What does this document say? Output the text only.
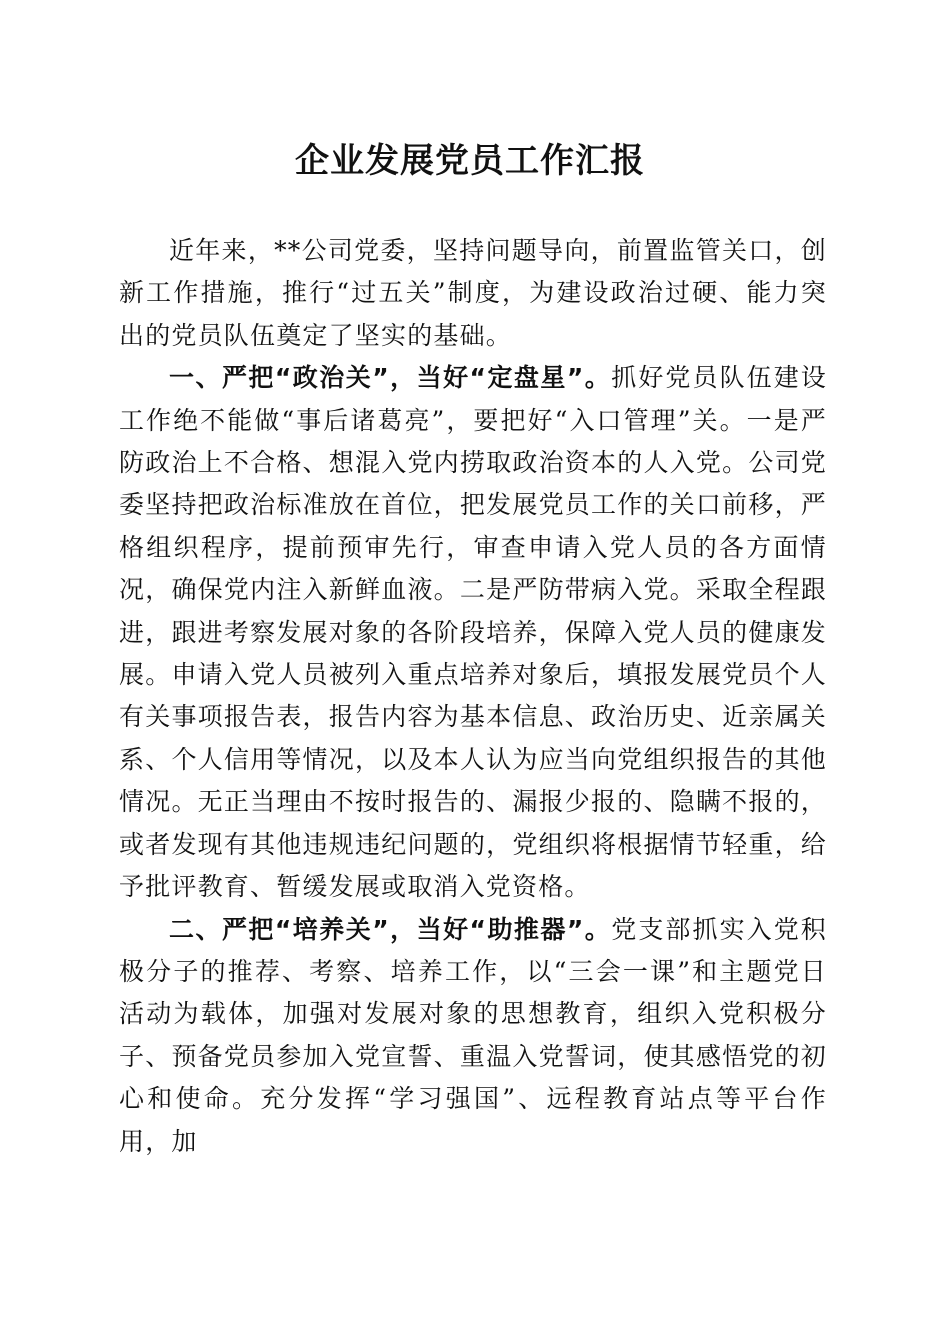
企业发展党员工作汇报

近年来，**公司党委，坚持问题导向，前置监管关口，创新工作措施，推行“过五关”制度，为建设政治过硬、能力突出的党员队伍奠定了坚实的基础。

一、严把“政治关”，当好“定盘星”。抓好党员队伍建设工作绝不能做“事后诸葛亮”，要把好“入口管理”关。一是严防政治上不合格、想混入党内捞取政治资本的人入党。公司党委坚持把政治标准放在首位，把发展党员工作的关口前移，严格组织程序，提前预审先行，审查申请入党人员的各方面情况，确保党内注入新鲜血液。二是严防带病入党。采取全程跟进，跟进考察发展对象的各阶段培养，保障入党人员的健康发展。申请入党人员被列入重点培养对象后，填报发展党员个人有关事项报告表，报告内容为基本信息、政治历史、近亲属关系、个人信用等情况，以及本人认为应当向党组织报告的其他情况。无正当理由不按时报告的、漏报少报的、隐瞒不报的，或者发现有其他违规违纪问题的，党组织将根据情节轻重，给予批评教育、暂缓发展或取消入党资格。

二、严把“培养关”，当好“助推器”。党支部抓实入党积极分子的推荐、考察、培养工作，以“三会一课”和主题党日活动为载体，加强对发展对象的思想教育，组织入党积极分子、预备党员参加入党宣誓、重温入党誓词，使其感悟党的初心和使命。充分发挥“学习强国”、远程教育站点等平台作用，加
